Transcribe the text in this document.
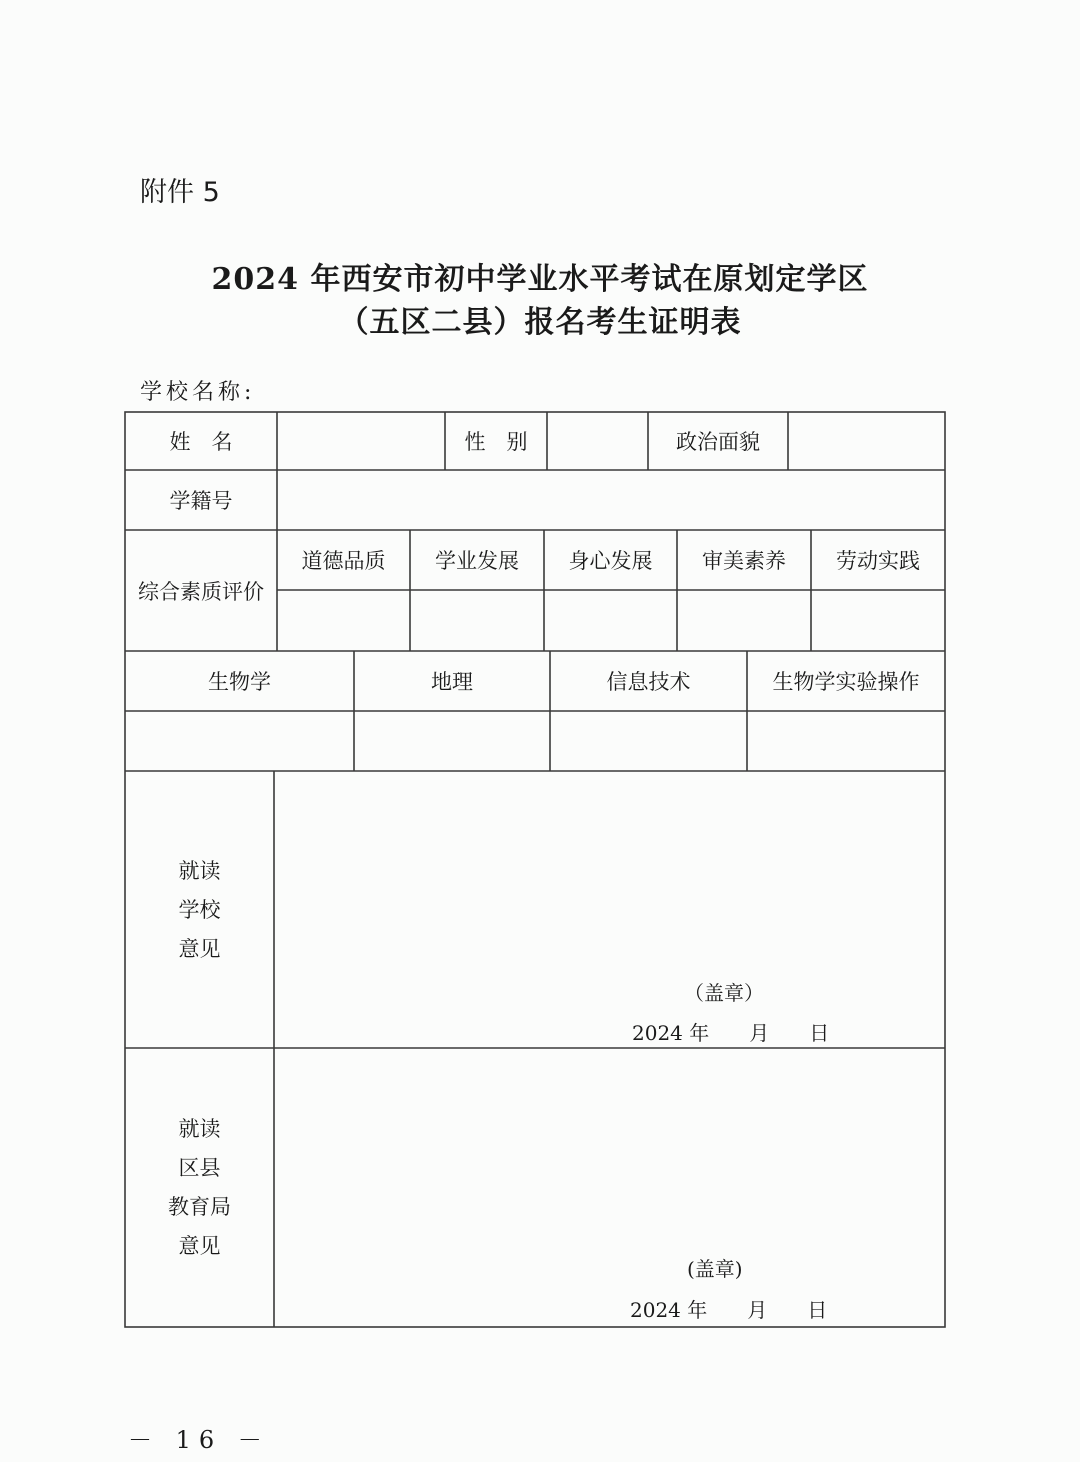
附件 5
2024 年西安市初中学业水平考试在原划定学区
（五区二县）报名考生证明表
学校名称:
姓　名	性　别	政治面貌
学籍号
综合素质评价
道德品质	学业发展	身心发展	审美素养	劳动实践
生物学	地理	信息技术	生物学实验操作
就读
学校
意见
（盖章）
2024 年　　月　　日
就读
区县
教育局
意见
(盖章)
2024 年　　月　　日
－ 16 －
